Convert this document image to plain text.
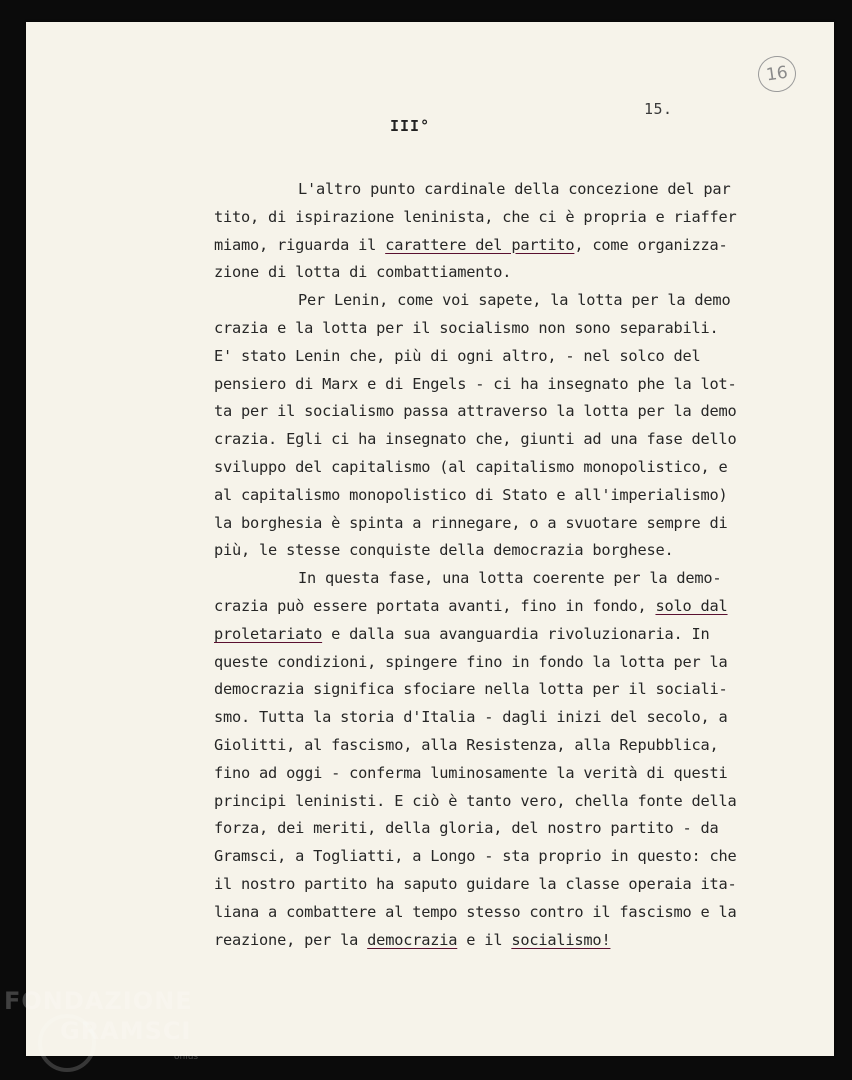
16
15.
III°
L'altro punto cardinale della concezione del par
tito, di ispirazione leninista, che ci è propria e riaffer
miamo, riguarda il carattere del partito, come organizza-
zione di lotta di combattiamento.
Per Lenin, come voi sapete, la lotta per la demo
crazia e la lotta per il socialismo non sono separabili.
E' stato Lenin che, più di ogni altro, - nel solco del
pensiero di Marx e di Engels - ci ha insegnato phe la lot-
ta per il socialismo passa attraverso la lotta per la demo
crazia. Egli ci ha insegnato che, giunti ad una fase dello
sviluppo del capitalismo (al capitalismo monopolistico, e
al capitalismo monopolistico di Stato e all'imperialismo)
la borghesia è spinta a rinnegare, o a svuotare sempre di
più, le stesse conquiste della democrazia borghese.
In questa fase, una lotta coerente per la demo-
crazia può essere portata avanti, fino in fondo, solo dal
proletariato e dalla sua avanguardia rivoluzionaria. In
queste condizioni, spingere fino in fondo la lotta per la
democrazia significa sfociare nella lotta per il sociali-
smo. Tutta la storia d'Italia - dagli inizi del secolo, a
Giolitti, al fascismo, alla Resistenza, alla Repubblica,
fino ad oggi - conferma luminosamente la verità di questi
principi leninisti. E ciò è tanto vero, chella fonte della
forza, dei meriti, della gloria, del nostro partito - da
Gramsci, a Togliatti, a Longo - sta proprio in questo: che
il nostro partito ha saputo guidare la classe operaia ita-
liana a combattere al tempo stesso contro il fascismo e la
reazione, per la democrazia e il socialismo!
FONDAZIONE
GRAMSCI
onlus
